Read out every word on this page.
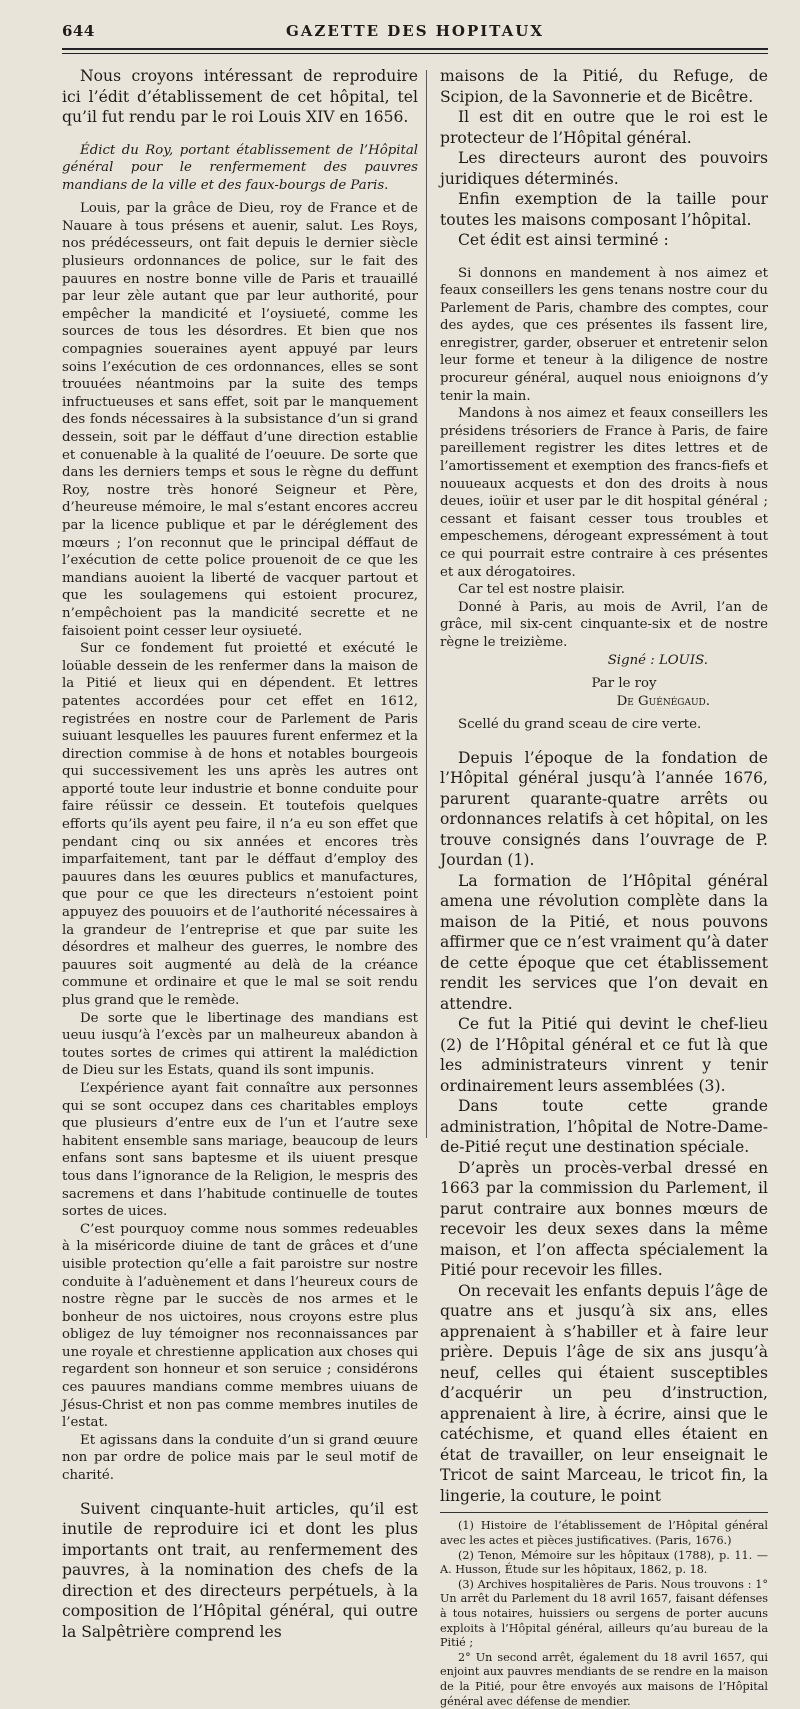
644	GAZETTE DES HOPITAUX

Nous croyons intéressant de reproduire ici l’édit d’établissement de cet hôpital, tel qu’il fut rendu par le roi Louis XIV en 1656.

Édict du Roy, portant établissement de l’Hôpital général pour le renfermement des pauvres mandians de la ville et des faux-bourgs de Paris.

Louis, par la grâce de Dieu, roy de France et de Nauare à tous présens et auenir, salut. Les Roys, nos prédécesseurs, ont fait depuis le dernier siècle plusieurs ordonnances de police, sur le fait des pauures en nostre bonne ville de Paris et trauaillé par leur zèle autant que par leur authorité, pour empêcher la mandicité et l’oysiueté, comme les sources de tous les désordres. Et bien que nos compagnies soueraines ayent appuyé par leurs soins l’exécution de ces ordonnances, elles se sont trouuées néantmoins par la suite des temps infructueuses et sans effet, soit par le manquement des fonds nécessaires à la subsistance d’un si grand dessein, soit par le déffaut d’une direction establie et conuenable à la qualité de l’oeuure. De sorte que dans les derniers temps et sous le règne du deffunt Roy, nostre très honoré Seigneur et Père, d’heureuse mémoire, le mal s’estant encores accreu par la licence publique et par le déréglement des mœurs ; l’on reconnut que le principal déffaut de l’exécution de cette police prouenoit de ce que les mandians auoient la liberté de vacquer partout et que les soulagemens qui estoient procurez, n’empêchoient pas la mandicité secrette et ne faisoient point cesser leur oysiueté.

Sur ce fondement fut proietté et exécuté le loüable dessein de les renfermer dans la maison de la Pitié et lieux qui en dépendent. Et lettres patentes accordées pour cet effet en 1612, registrées en nostre cour de Parlement de Paris suiuant lesquelles les pauures furent enfermez et la direction commise à de hons et notables bourgeois qui successivement les uns après les autres ont apporté toute leur industrie et bonne conduite pour faire réüssir ce dessein. Et toutefois quelques efforts qu’ils ayent peu faire, il n’a eu son effet que pendant cinq ou six années et encores très imparfaitement, tant par le déffaut d’employ des pauures dans les œuures publics et manufactures, que pour ce que les directeurs n’estoient point appuyez des pouuoirs et de l’authorité nécessaires à la grandeur de l’entreprise et que par suite les désordres et malheur des guerres, le nombre des pauures soit augmenté au delà de la créance commune et ordinaire et que le mal se soit rendu plus grand que le remède.

De sorte que le libertinage des mandians est ueuu iusqu’à l’excès par un malheureux abandon à toutes sortes de crimes qui attirent la malédiction de Dieu sur les Estats, quand ils sont impunis.

L’expérience ayant fait connaître aux personnes qui se sont occupez dans ces charitables employs que plusieurs d’entre eux de l’un et l’autre sexe habitent ensemble sans mariage, beaucoup de leurs enfans sont sans baptesme et ils uiuent presque tous dans l’ignorance de la Religion, le mespris des sacremens et dans l’habitude continuelle de toutes sortes de uices.

C’est pourquoy comme nous sommes redeuables à la miséricorde diuine de tant de grâces et d’une uisible protection qu’elle a fait paroistre sur nostre conduite à l’aduènement et dans l’heureux cours de nostre règne par le succès de nos armes et le bonheur de nos uictoires, nous croyons estre plus obligez de luy témoigner nos reconnaissances par une royale et chrestienne application aux choses qui regardent son honneur et son seruice ; considérons ces pauures mandians comme membres uiuans de Jésus-Christ et non pas comme membres inutiles de l’estat.

Et agissans dans la conduite d’un si grand œuure non par ordre de police mais par le seul motif de charité.

Suivent cinquante-huit articles, qu’il est inutile de reproduire ici et dont les plus importants ont trait, au renfermement des pauvres, à la nomination des chefs de la direction et des directeurs perpétuels, à la composition de l’Hôpital général, qui outre la Salpêtrière comprend les

maisons de la Pitié, du Refuge, de Scipion, de la Savonnerie et de Bicêtre.

Il est dit en outre que le roi est le protecteur de l’Hôpital général.

Les directeurs auront des pouvoirs juridiques déterminés.

Enfin exemption de la taille pour toutes les maisons composant l’hôpital.

Cet édit est ainsi terminé :

Si donnons en mandement à nos aimez et feaux conseillers les gens tenans nostre cour du Parlement de Paris, chambre des comptes, cour des aydes, que ces présentes ils fassent lire, enregistrer, garder, obseruer et entretenir selon leur forme et teneur à la diligence de nostre procureur général, auquel nous enioignons d’y tenir la main.

Mandons à nos aimez et feaux conseillers les présidens trésoriers de France à Paris, de faire pareillement registrer les dites lettres et de l’amortissement et exemption des francs-fiefs et nouueaux acquests et don des droits à nous deues, ioüir et user par le dit hospital général ; cessant et faisant cesser tous troubles et empeschemens, dérogeant expressément à tout ce qui pourrait estre contraire à ces présentes et aux dérogatoires.

Car tel est nostre plaisir.

Donné à Paris, au mois de Avril, l’an de grâce, mil six-cent cinquante-six et de nostre règne le treizième.

Signé : LOUIS.

Par le roy

De Guénégaud.

Scellé du grand sceau de cire verte.

Depuis l’époque de la fondation de l’Hôpital général jusqu’à l’année 1676, parurent quarante-quatre arrêts ou ordonnances relatifs à cet hôpital, on les trouve consignés dans l’ouvrage de P. Jourdan (1).

La formation de l’Hôpital général amena une révolution complète dans la maison de la Pitié, et nous pouvons affirmer que ce n’est vraiment qu’à dater de cette époque que cet établissement rendit les services que l’on devait en attendre.

Ce fut la Pitié qui devint le chef-lieu (2) de l’Hôpital général et ce fut là que les administrateurs vinrent y tenir ordinairement leurs assemblées (3).

Dans toute cette grande administration, l’hôpital de Notre-Dame-de-Pitié reçut une destination spéciale.

D’après un procès-verbal dressé en 1663 par la commission du Parlement, il parut contraire aux bonnes mœurs de recevoir les deux sexes dans la même maison, et l’on affecta spécialement la Pitié pour recevoir les filles.

On recevait les enfants depuis l’âge de quatre ans et jusqu’à six ans, elles apprenaient à s’habiller et à faire leur prière. Depuis l’âge de six ans jusqu’à neuf, celles qui étaient susceptibles d’acquérir un peu d’instruction, apprenaient à lire, à écrire, ainsi que le catéchisme, et quand elles étaient en état de travailler, on leur enseignait le Tricot de saint Marceau, le tricot fin, la lingerie, la couture, le point

(1) Histoire de l’établissement de l’Hôpital général avec les actes et pièces justificatives. (Paris, 1676.)

(2) Tenon, Mémoire sur les hôpitaux (1788), p. 11. — A. Husson, Étude sur les hôpitaux, 1862, p. 18.

(3) Archives hospitalières de Paris. Nous trouvons : 1° Un arrêt du Parlement du 18 avril 1657, faisant défenses à tous notaires, huissiers ou sergens de porter aucuns exploits à l’Hôpital général, ailleurs qu’au bureau de la Pitié ;

2° Un second arrêt, également du 18 avril 1657, qui enjoint aux pauvres mendiants de se rendre en la maison de la Pitié, pour être envoyés aux maisons de l’Hôpital général avec défense de mendier.
